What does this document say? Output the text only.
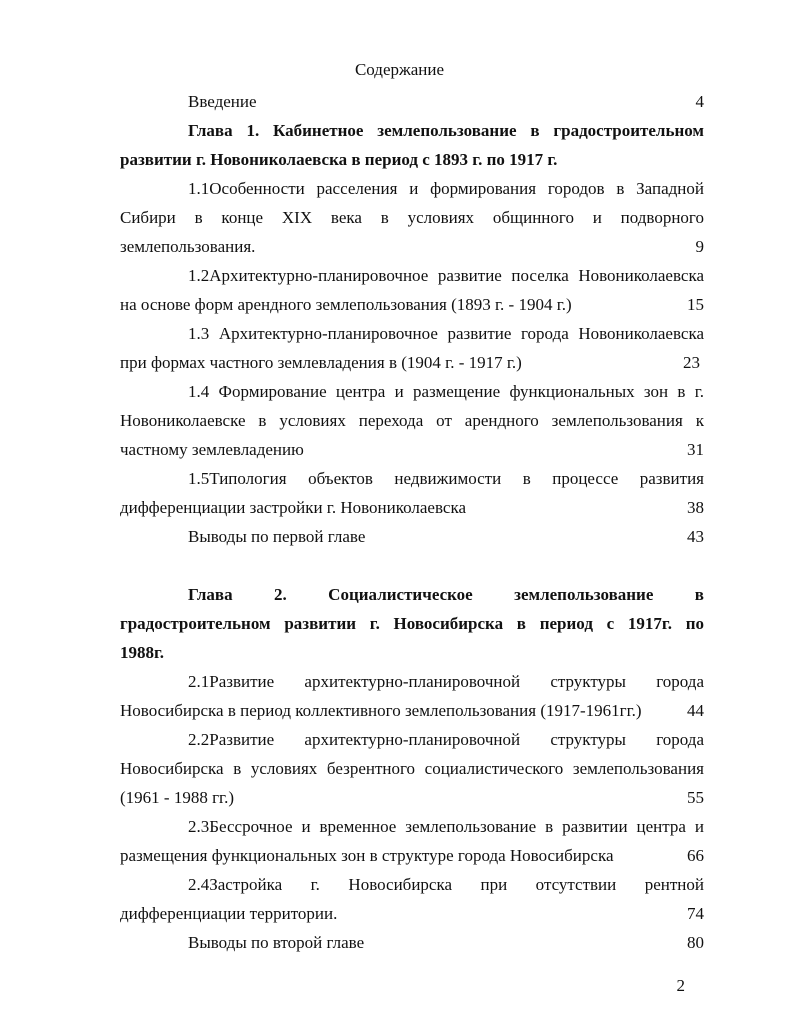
Содержание
Введение	4
Глава 1. Кабинетное землепользование в градостроительном
развитии г. Новониколаевска в период с 1893 г. по 1917 г.
1.1Особенности расселения и формирования городов в Западной
Сибири в конце XIX века в условиях общинного и подворного
землепользования.	9
1.2Архитектурно-планировочное развитие поселка Новониколаевска
на основе форм арендного землепользования (1893 г. - 1904 г.)	15
1.3 Архитектурно-планировочное развитие города Новониколаевска
при формах частного землевладения в (1904 г. - 1917 г.)	23
1.4 Формирование центра и размещение функциональных зон в г.
Новониколаевске в условиях перехода от арендного землепользования к
частному землевладению	31
1.5Типология объектов недвижимости в процессе развития
дифференциации застройки г. Новониколаевска	38
Выводы по первой главе	43
Глава 2. Социалистическое землепользование в
градостроительном развитии г. Новосибирска в период с 1917г. по
1988г.
2.1Развитие архитектурно-планировочной структуры города
Новосибирска в период коллективного землепользования (1917-1961гг.)	44
2.2Развитие архитектурно-планировочной структуры города
Новосибирска в условиях безрентного социалистического землепользования
(1961 - 1988 гг.)	55
2.3Бессрочное и временное землепользование в развитии центра и
размещения функциональных зон в структуре города Новосибирска	66
2.4Застройка г. Новосибирска при отсутствии рентной
дифференциации территории.	74
Выводы по второй главе	80
2
